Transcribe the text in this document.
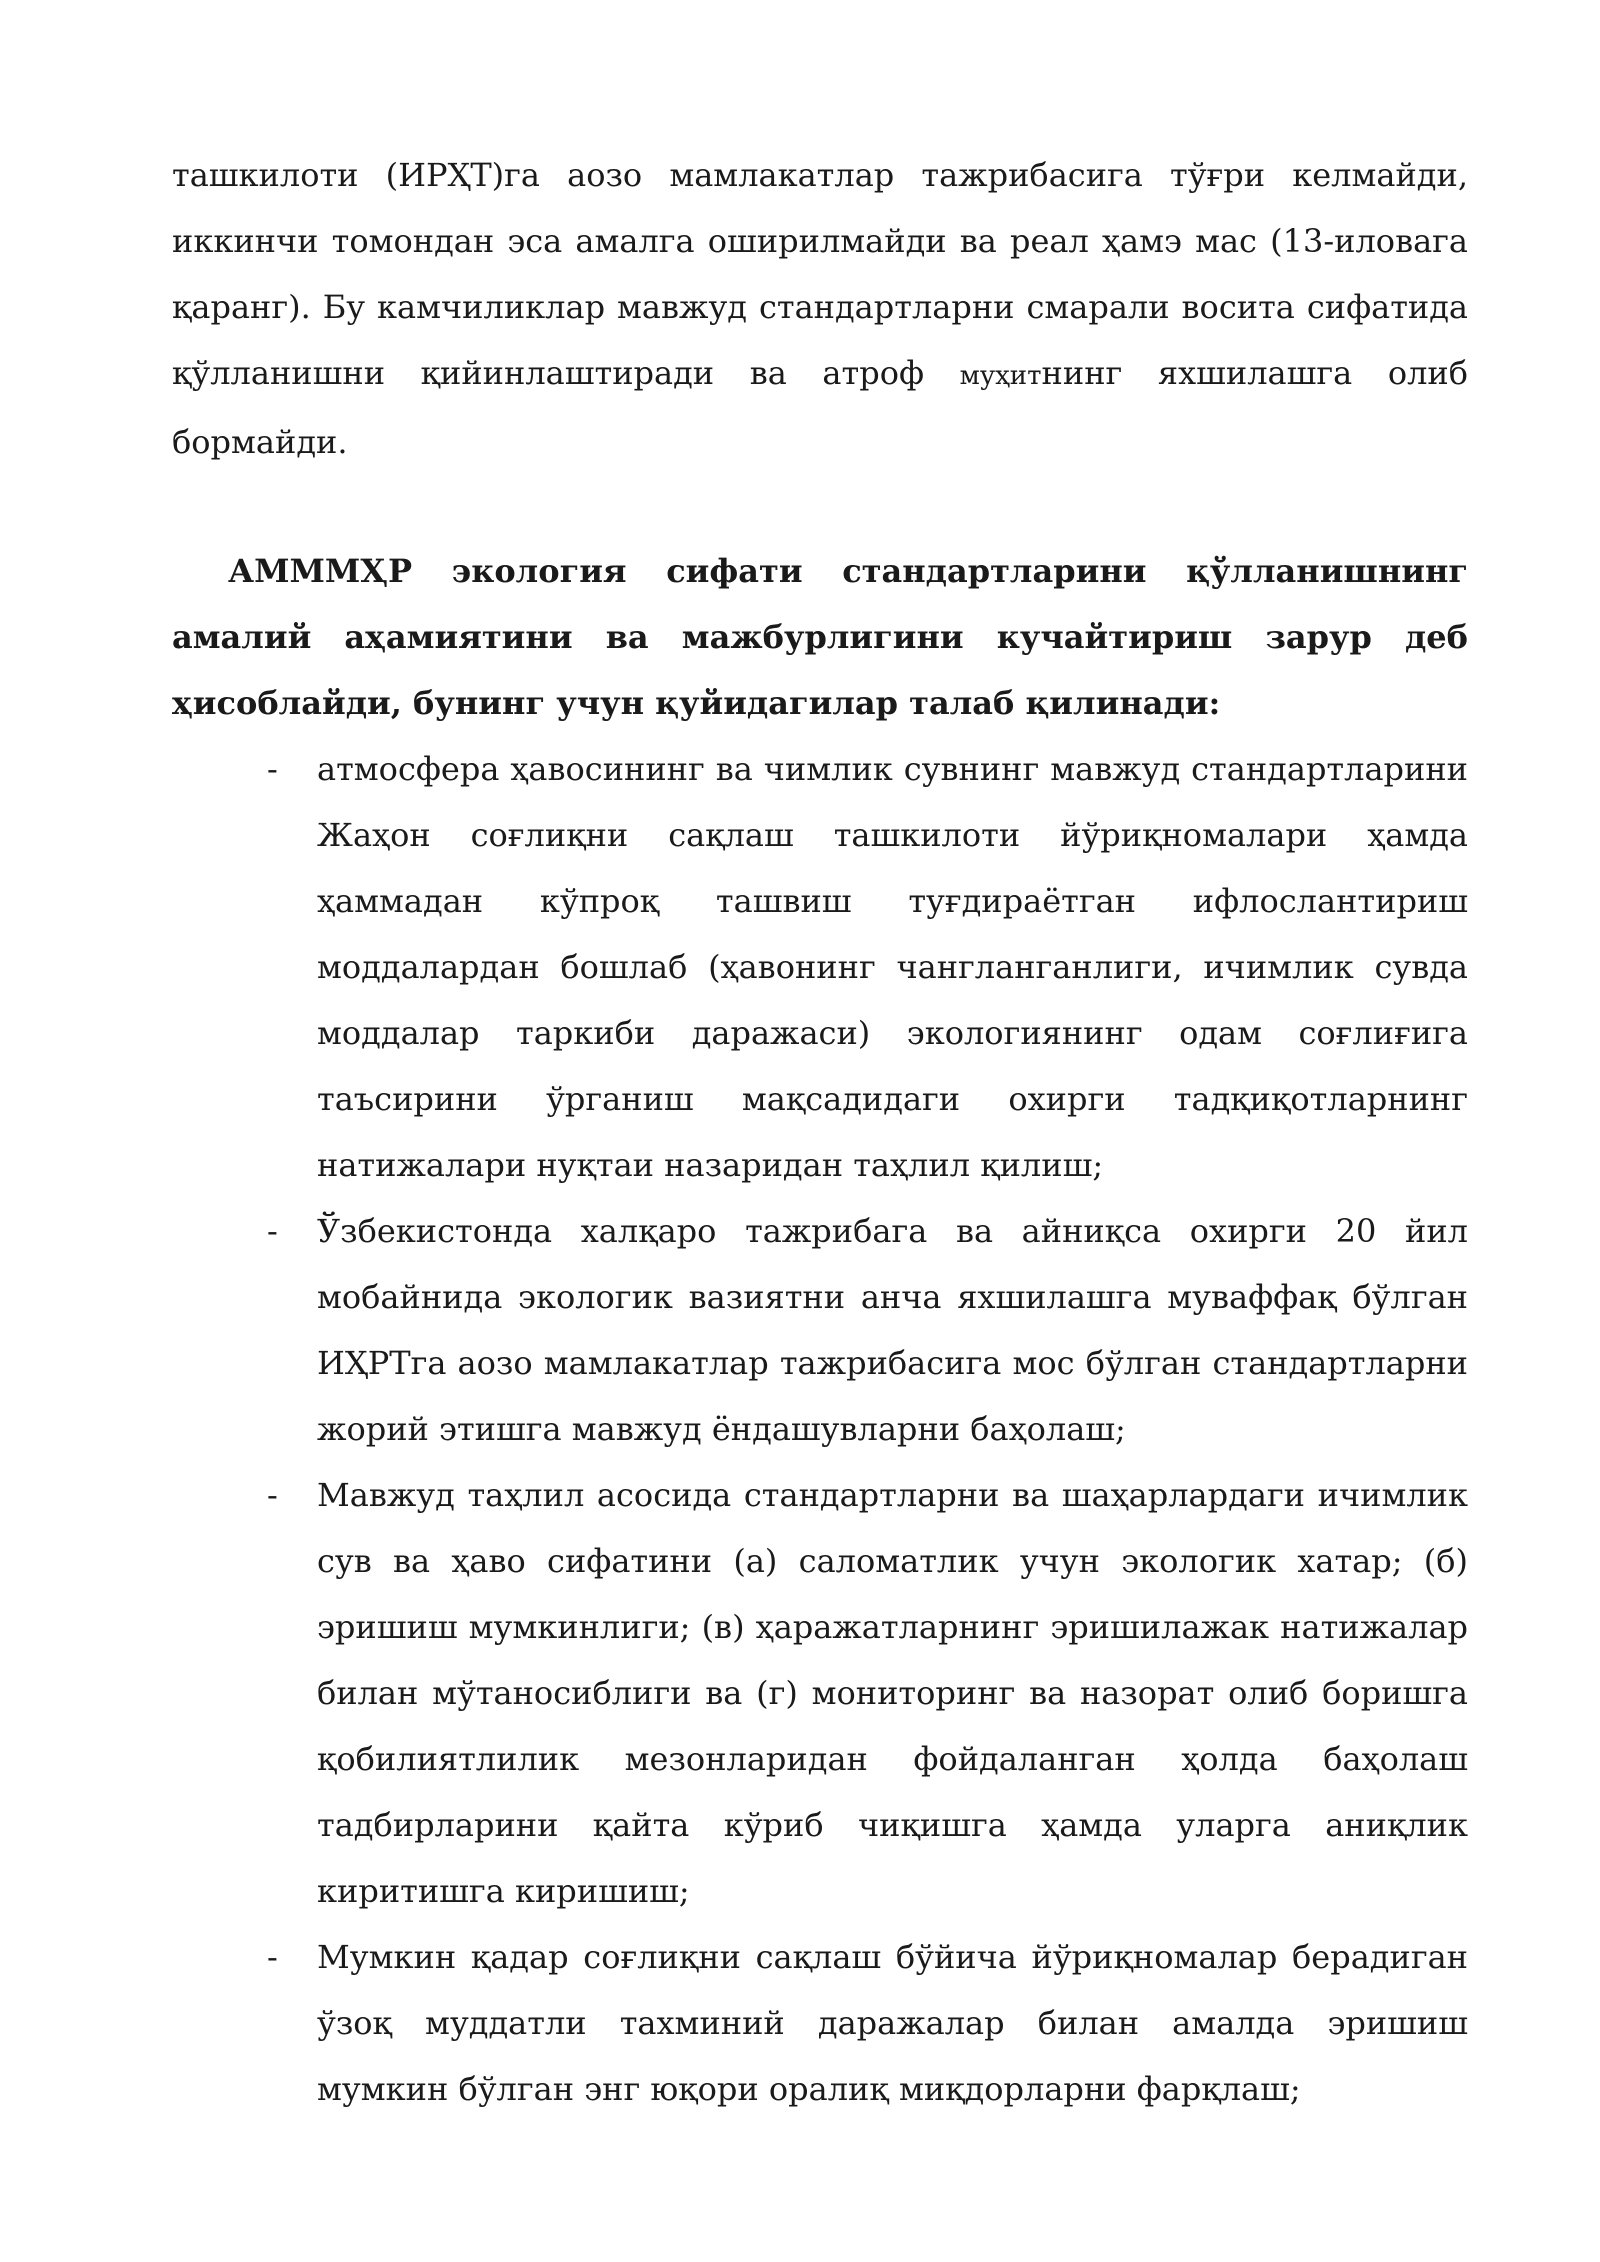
ташкилоти (ИРҲТ)га аозо мамлакатлар тажрибасига тўғри келмайди, иккинчи томондан эса амалга оширилмайди ва реал ҳамэ мас (13-иловага қаранг). Бу камчиликлар мавжуд стандартларни смарали восита сифатида қўлланишни қийинлаштиради ва атроф муҳитнинг яхшилашга олиб бормайди.

АМММҲР экология сифати стандартларини қўлланишнинг амалий аҳамиятини ва мажбурлигини кучайтириш зарур деб ҳисоблайди, бунинг учун қуйидагилар талаб қилинади:

- атмосфера ҳавосининг ва чимлик сувнинг мавжуд стандартларини Жаҳон соғлиқни сақлаш ташкилоти йўриқномалари ҳамда ҳаммадан кўпроқ ташвиш туғдираётган ифлослантириш моддалардан бошлаб (ҳавонинг чангланганлиги, ичимлик сувда моддалар таркиби даражаси) экологиянинг одам соғлиғига таъсирини ўрганиш мақсадидаги охирги тадқиқотларнинг натижалари нуқтаи назаридан таҳлил қилиш;
- Ўзбекистонда халқаро тажрибага ва айниқса охирги 20 йил мобайнида экологик вазиятни анча яхшилашга муваффақ бўлган ИҲРТга аозо мамлакатлар тажрибасига мос бўлган стандартларни жорий этишга мавжуд ёндашувларни баҳолаш;
- Мавжуд таҳлил асосида стандартларни ва шаҳарлардаги ичимлик сув ва ҳаво сифатини (а) саломатлик учун экологик хатар; (б) эришиш мумкинлиги; (в) ҳаражатларнинг эришилажак натижалар билан мўтаносиблиги ва (г) мониторинг ва назорат олиб боришга қобилиятлилик мезонларидан фойдаланган ҳолда баҳолаш тадбирларини қайта кўриб чиқишга ҳамда уларга аниқлик киритишга киришиш;
- Мумкин қадар соғлиқни сақлаш бўйича йўриқномалар берадиган ўзоқ муддатли тахминий даражалар билан амалда эришиш мумкин бўлган энг юқори оралиқ миқдорларни фарқлаш;
